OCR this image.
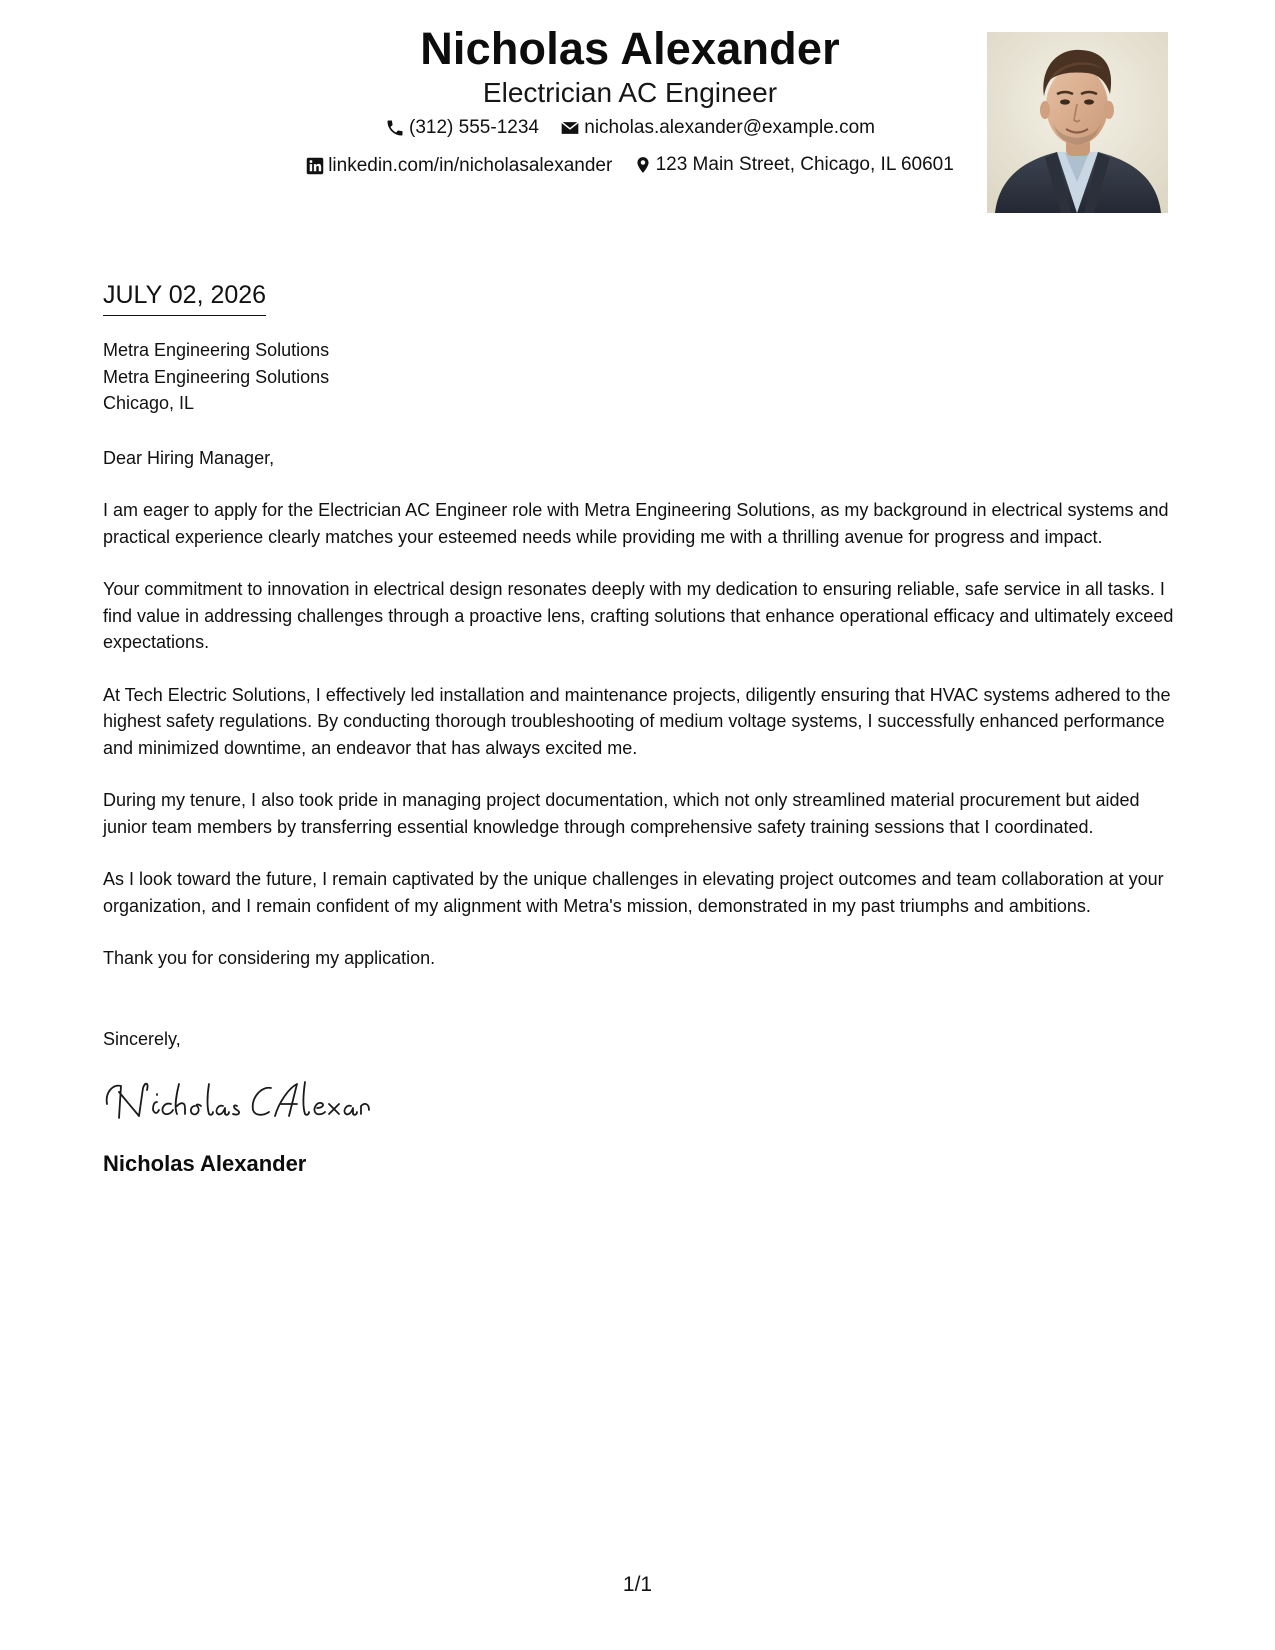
Nicholas Alexander
Electrician AC Engineer
(312) 555-1234
nicholas.alexander@example.com
linkedin.com/in/nicholasalexander
123 Main Street, Chicago, IL 60601
JULY 02, 2026
Metra Engineering Solutions
Metra Engineering Solutions
Chicago, IL
Dear Hiring Manager,

I am eager to apply for the Electrician AC Engineer role with Metra Engineering Solutions, as my background in electrical systems and practical experience clearly matches your esteemed needs while providing me with a thrilling avenue for progress and impact.

Your commitment to innovation in electrical design resonates deeply with my dedication to ensuring reliable, safe service in all tasks. I find value in addressing challenges through a proactive lens, crafting solutions that enhance operational efficacy and ultimately exceed expectations.

At Tech Electric Solutions, I effectively led installation and maintenance projects, diligently ensuring that HVAC systems adhered to the highest safety regulations. By conducting thorough troubleshooting of medium voltage systems, I successfully enhanced performance and minimized downtime, an endeavor that has always excited me.

During my tenure, I also took pride in managing project documentation, which not only streamlined material procurement but aided junior team members by transferring essential knowledge through comprehensive safety training sessions that I coordinated.

As I look toward the future, I remain captivated by the unique challenges in elevating project outcomes and team collaboration at your organization, and I remain confident of my alignment with Metra's mission, demonstrated in my past triumphs and ambitions.

Thank you for considering my application.

Sincerely,
Nicholas Alexander
1/1
